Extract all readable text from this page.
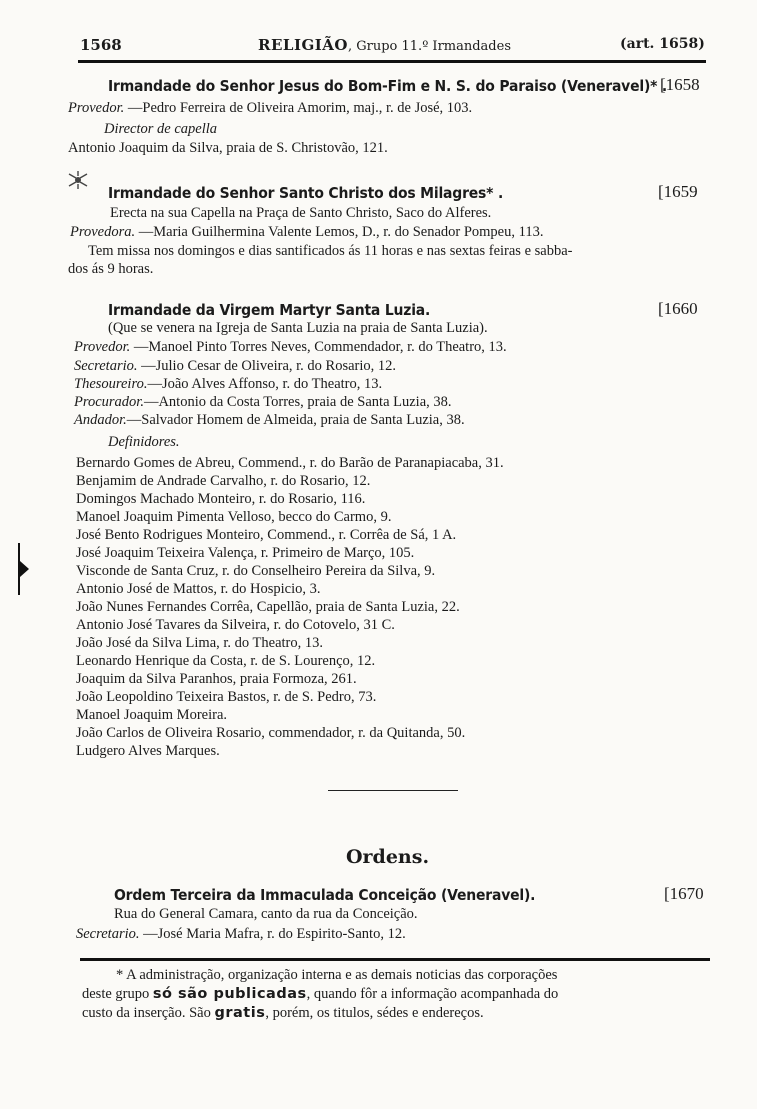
1568	RELIGIÃO, Grupo 11.º Irmandades	(art. 1658)
Irmandade do Senhor Jesus do Bom-Fim e N. S. do Paraiso (Veneravel)* .
[1658
Provedor. —Pedro Ferreira de Oliveira Amorim, maj., r. de José, 103.
Director de capella
Antonio Joaquim da Silva, praia de S. Christovão, 121.
Irmandade do Senhor Santo Christo dos Milagres* .	[1659
Erecta na sua Capella na Praça de Santo Christo, Saco do Alferes.
Provedora. —Maria Guilhermina Valente Lemos, D., r. do Senador Pompeu, 113.
Tem missa nos domingos e dias santificados ás 11 horas e nas sextas feiras e sabba-
dos ás 9 horas.
Irmandade da Virgem Martyr Santa Luzia.	[1660
(Que se venera na Igreja de Santa Luzia na praia de Santa Luzia).
Provedor. —Manoel Pinto Torres Neves, Commendador, r. do Theatro, 13.
Secretario. —Julio Cesar de Oliveira, r. do Rosario, 12.
Thesoureiro.—João Alves Affonso, r. do Theatro, 13.
Procurador.—Antonio da Costa Torres, praia de Santa Luzia, 38.
Andador.—Salvador Homem de Almeida, praia de Santa Luzia, 38.
Definidores.
Bernardo Gomes de Abreu, Commend., r. do Barão de Paranapiacaba, 31.
Benjamim de Andrade Carvalho, r. do Rosario, 12.
Domingos Machado Monteiro, r. do Rosario, 116.
Manoel Joaquim Pimenta Velloso, becco do Carmo, 9.
José Bento Rodrigues Monteiro, Commend., r. Corrêa de Sá, 1 A.
José Joaquim Teixeira Valença, r. Primeiro de Março, 105.
Visconde de Santa Cruz, r. do Conselheiro Pereira da Silva, 9.
Antonio José de Mattos, r. do Hospicio, 3.
João Nunes Fernandes Corrêa, Capellão, praia de Santa Luzia, 22.
Antonio José Tavares da Silveira, r. do Cotovelo, 31 C.
João José da Silva Lima, r. do Theatro, 13.
Leonardo Henrique da Costa, r. de S. Lourenço, 12.
Joaquim da Silva Paranhos, praia Formoza, 261.
João Leopoldino Teixeira Bastos, r. de S. Pedro, 73.
Manoel Joaquim Moreira.
João Carlos de Oliveira Rosario, commendador, r. da Quitanda, 50.
Ludgero Alves Marques.
Ordens.
Ordem Terceira da Immaculada Conceição (Veneravel).	[1670
Rua do General Camara, canto da rua da Conceição.
Secretario. —José Maria Mafra, r. do Espirito-Santo, 12.
* A administração, organização interna e as demais noticias das corporações
deste grupo só são publicadas, quando fôr a informação acompanhada do
custo da inserção. São gratis, porém, os titulos, sédes e endereços.
